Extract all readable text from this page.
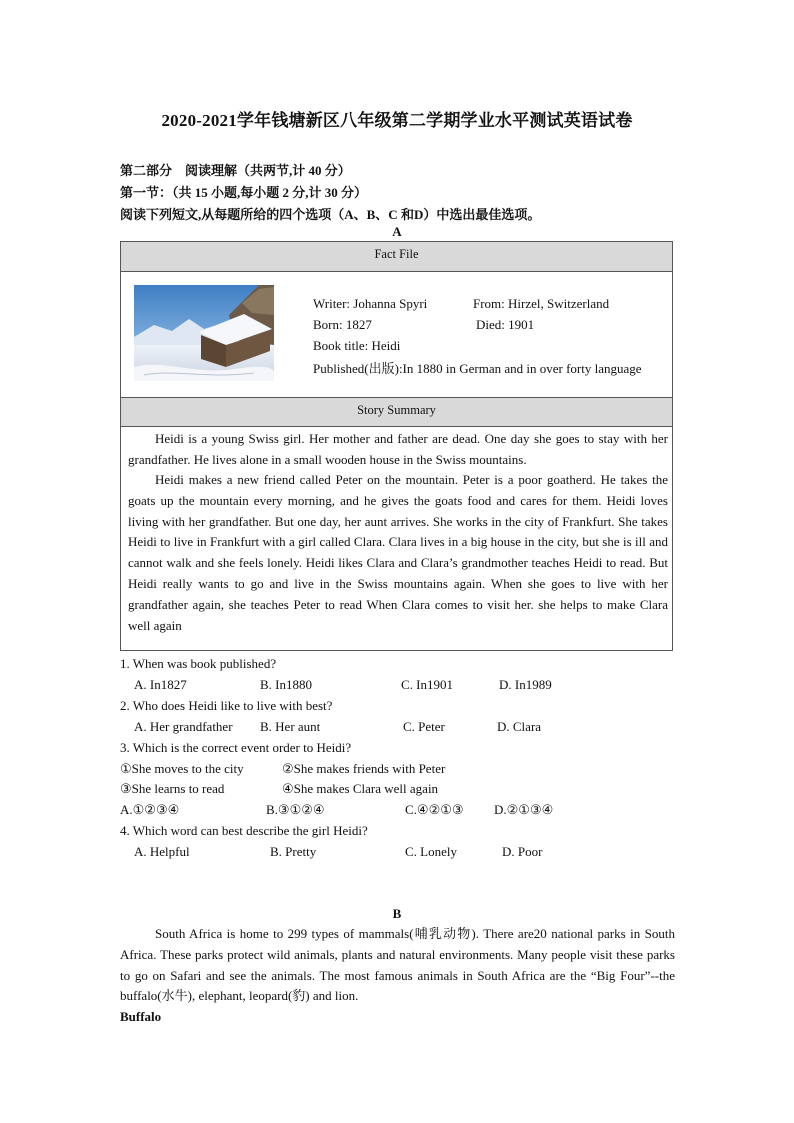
2020-2021学年钱塘新区八年级第二学期学业水平测试英语试卷
第二部分　阅读理解（共两节,计 40 分）
第一节：（共 15 小题,每小题 2 分,计 30 分）
阅读下列短文,从每题所给的四个选项（A、B、C 和D）中选出最佳选项。
A
Fact File
Writer: Johanna Spyri	From: Hirzel, Switzerland
Born: 1827	Died: 1901
Book title: Heidi
Published(出版):In 1880 in German and in over forty language
Story Summary
Heidi is a young Swiss girl. Her mother and father are dead. One day she goes to stay with her grandfather. He lives alone in a small wooden house in the Swiss mountains.
Heidi makes a new friend called Peter on the mountain. Peter is a poor goatherd. He takes the goats up the mountain every morning, and he gives the goats food and cares for them. Heidi loves living with her grandfather. But one day, her aunt arrives. She works in the city of Frankfurt. She takes Heidi to live in Frankfurt with a girl called Clara. Clara lives in a big house in the city, but she is ill and cannot walk and she feels lonely. Heidi likes Clara and Clara’s grandmother teaches Heidi to read. But Heidi really wants to go and live in the Swiss mountains again. When she goes to live with her grandfather again, she teaches Peter to read When Clara comes to visit her. she helps to make Clara well again
1. When was book published?
A. In1827	B. In1880	C. In1901	D. In1989
2. Who does Heidi like to live with best?
A. Her grandfather B. Her aunt	C. Peter	D. Clara
3. Which is the correct event order to Heidi?
①She moves to the city	②She makes friends with Peter
③She learns to read	④She makes Clara well again
A.①②③④	B.③①②④	C.④②①③ D.②①③④
4. Which word can best describe the girl Heidi?
A. Helpful	B. Pretty	C. Lonely	D. Poor
B
South Africa is home to 299 types of mammals(哺乳动物). There are20 national parks in South Africa. These parks protect wild animals, plants and natural environments. Many people visit these parks to go on Safari and see the animals. The most famous animals in South Africa are the “Big Four”--the buffalo(水牛), elephant, leopard(豹) and lion.
Buffalo
